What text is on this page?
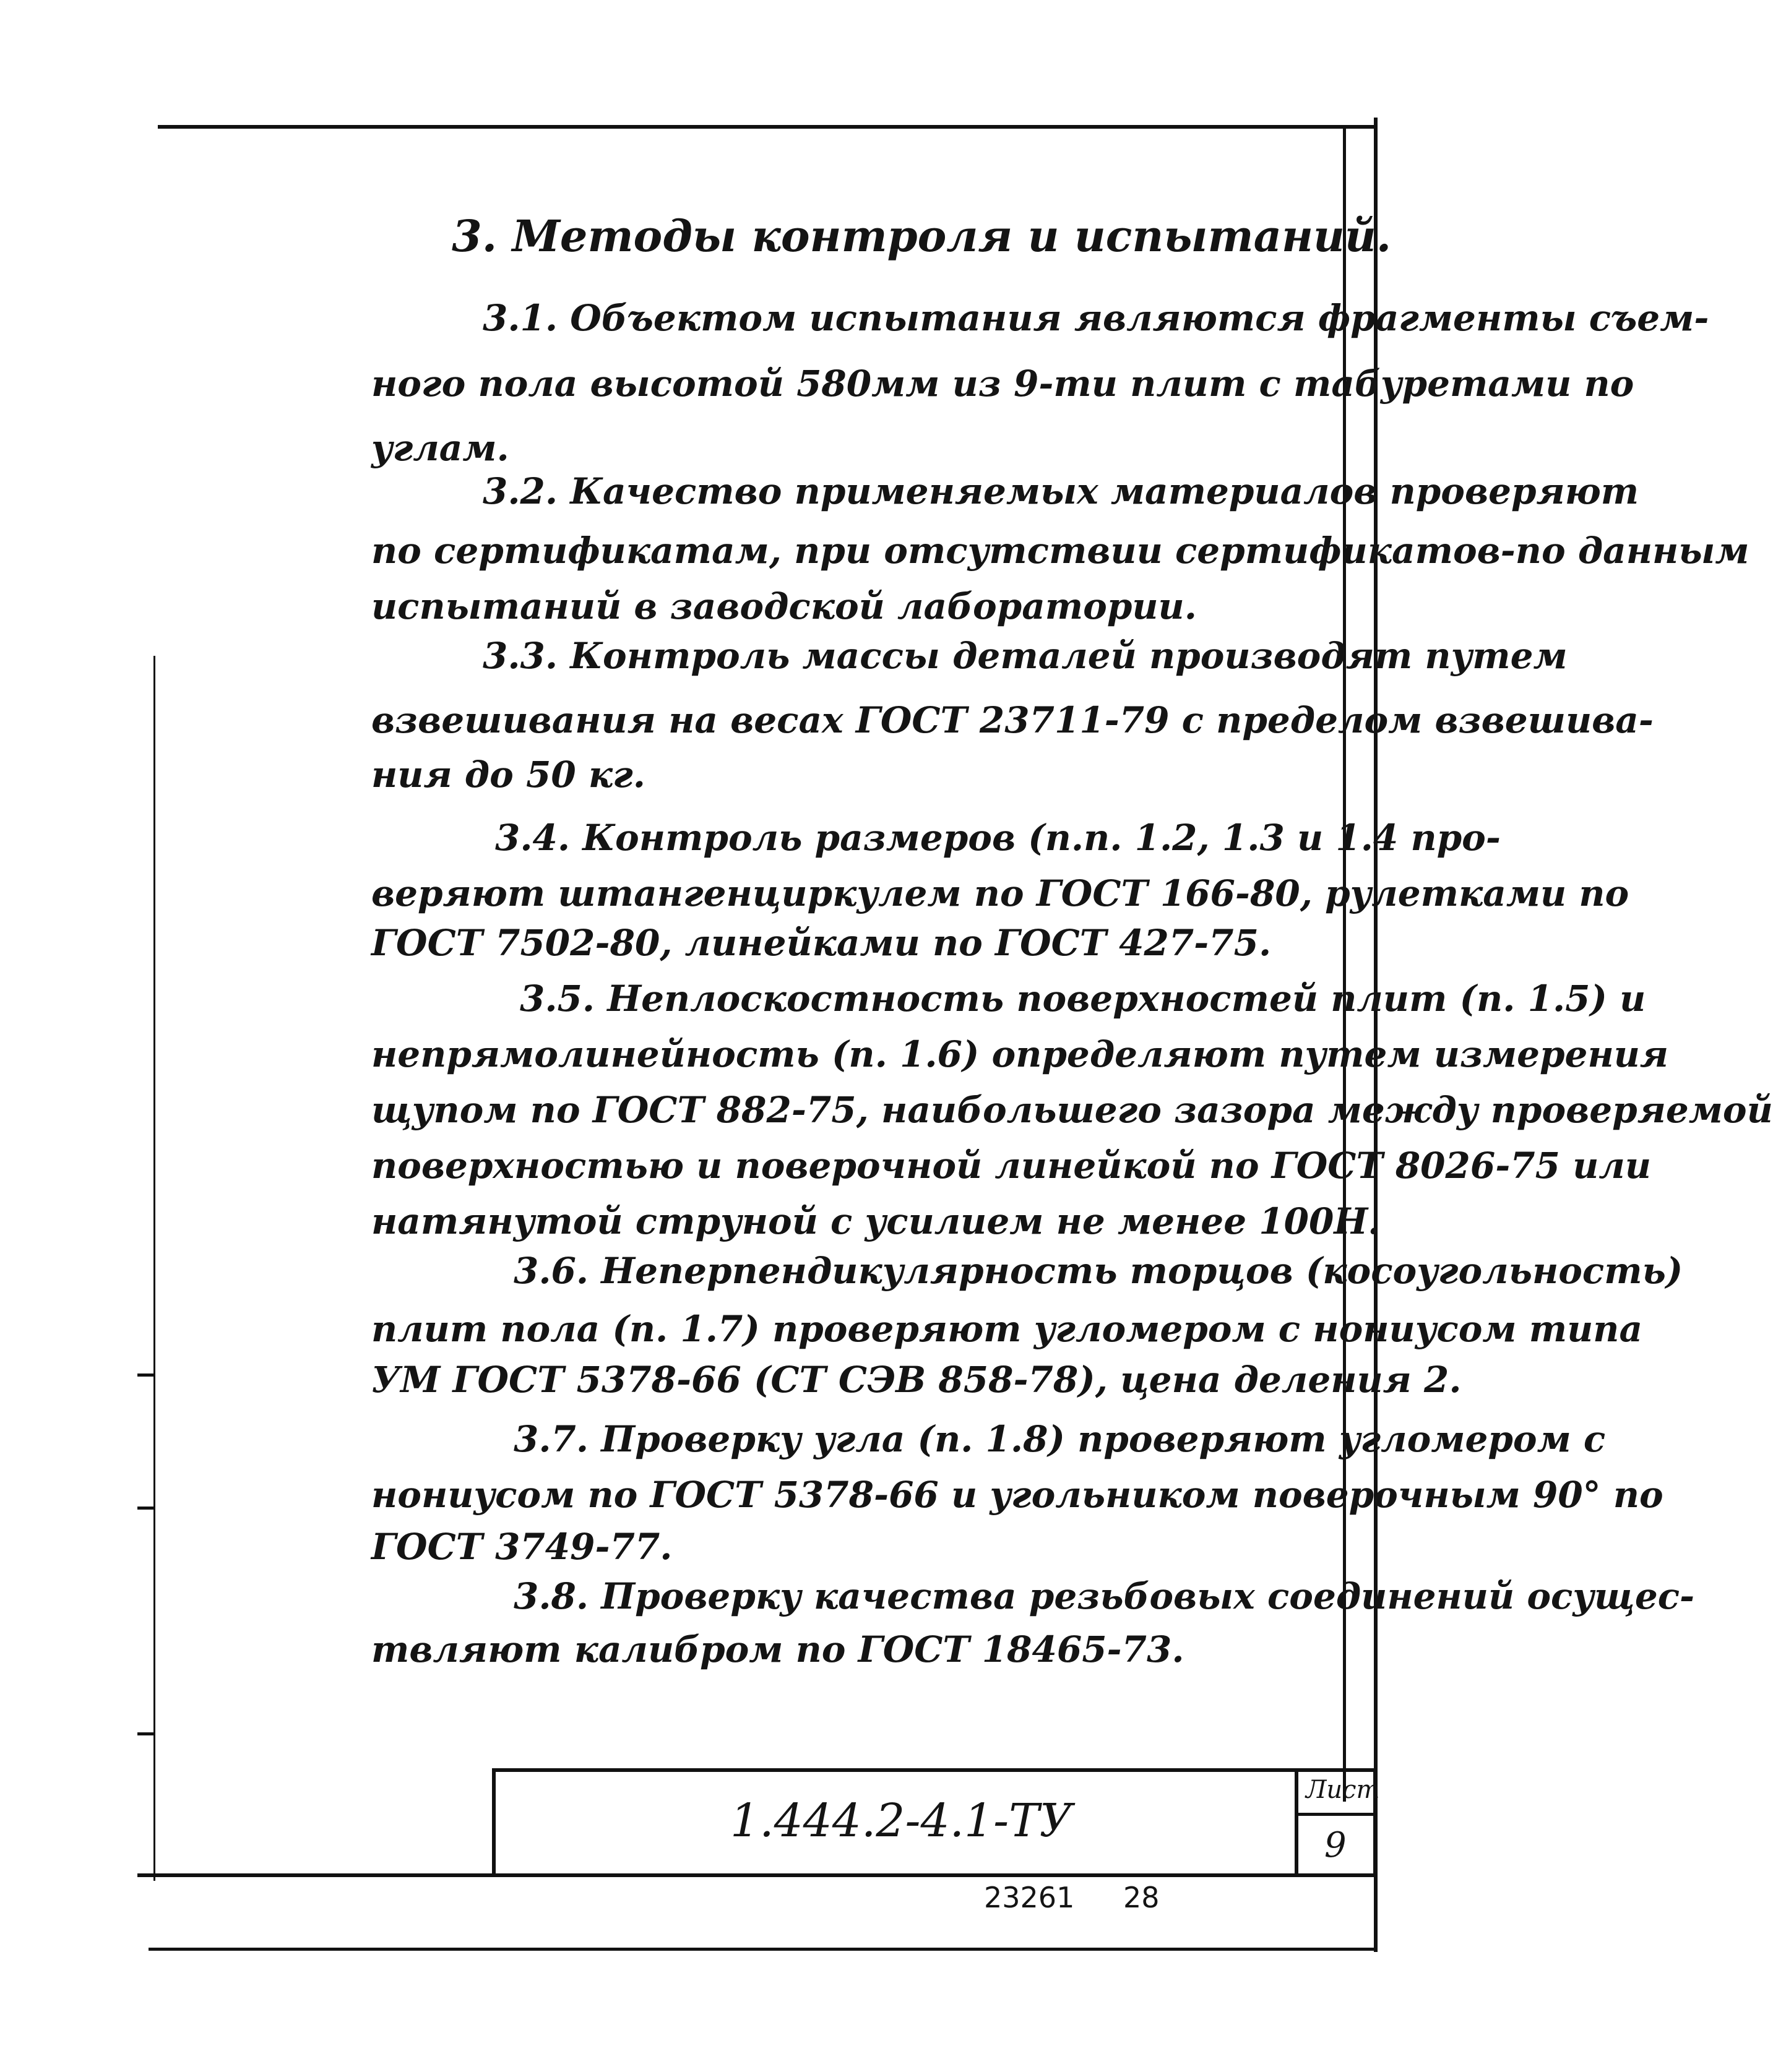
3. Методы контроля и испытаний.
3.1. Объектом испытания являются фрагменты съем-
ного пола высотой 580мм из 9-ти плит с табуретами по
углам.
3.2. Качество применяемых материалов проверяют
по сертификатам, при отсутствии сертификатов-по данным
испытаний в заводской лаборатории.
3.3. Контроль массы деталей производят путем
взвешивания на весах ГОСТ 23711-79 с пределом взвешива-
ния до 50 кг.
3.4. Контроль размеров (п.п. 1.2, 1.3 и 1.4 про-
веряют штангенциркулем по ГОСТ 166-80, рулетками по
ГОСТ 7502-80, линейками по ГОСТ 427-75.
3.5. Неплоскостность поверхностей плит (п. 1.5) и
непрямолинейность (п. 1.6) определяют путем измерения
щупом по ГОСТ 882-75, наибольшего зазора между проверяемой
поверхностью и поверочной линейкой по ГОСТ 8026-75 или
натянутой струной с усилием не менее 100Н.
3.6. Неперпендикулярность торцов (косоугольность)
плит пола (п. 1.7) проверяют угломером с нониусом типа
УМ ГОСТ 5378-66 (СТ СЭВ 858-78), цена деления 2.
3.7. Проверку угла (п. 1.8) проверяют угломером с
нониусом по ГОСТ 5378-66 и угольником поверочным 90° по
ГОСТ 3749-77.
3.8. Проверку качества резьбовых соединений осущес-
твляют калибром по ГОСТ 18465-73.
1.444.2-4.1-ТУ
Лист
9
23261 28
